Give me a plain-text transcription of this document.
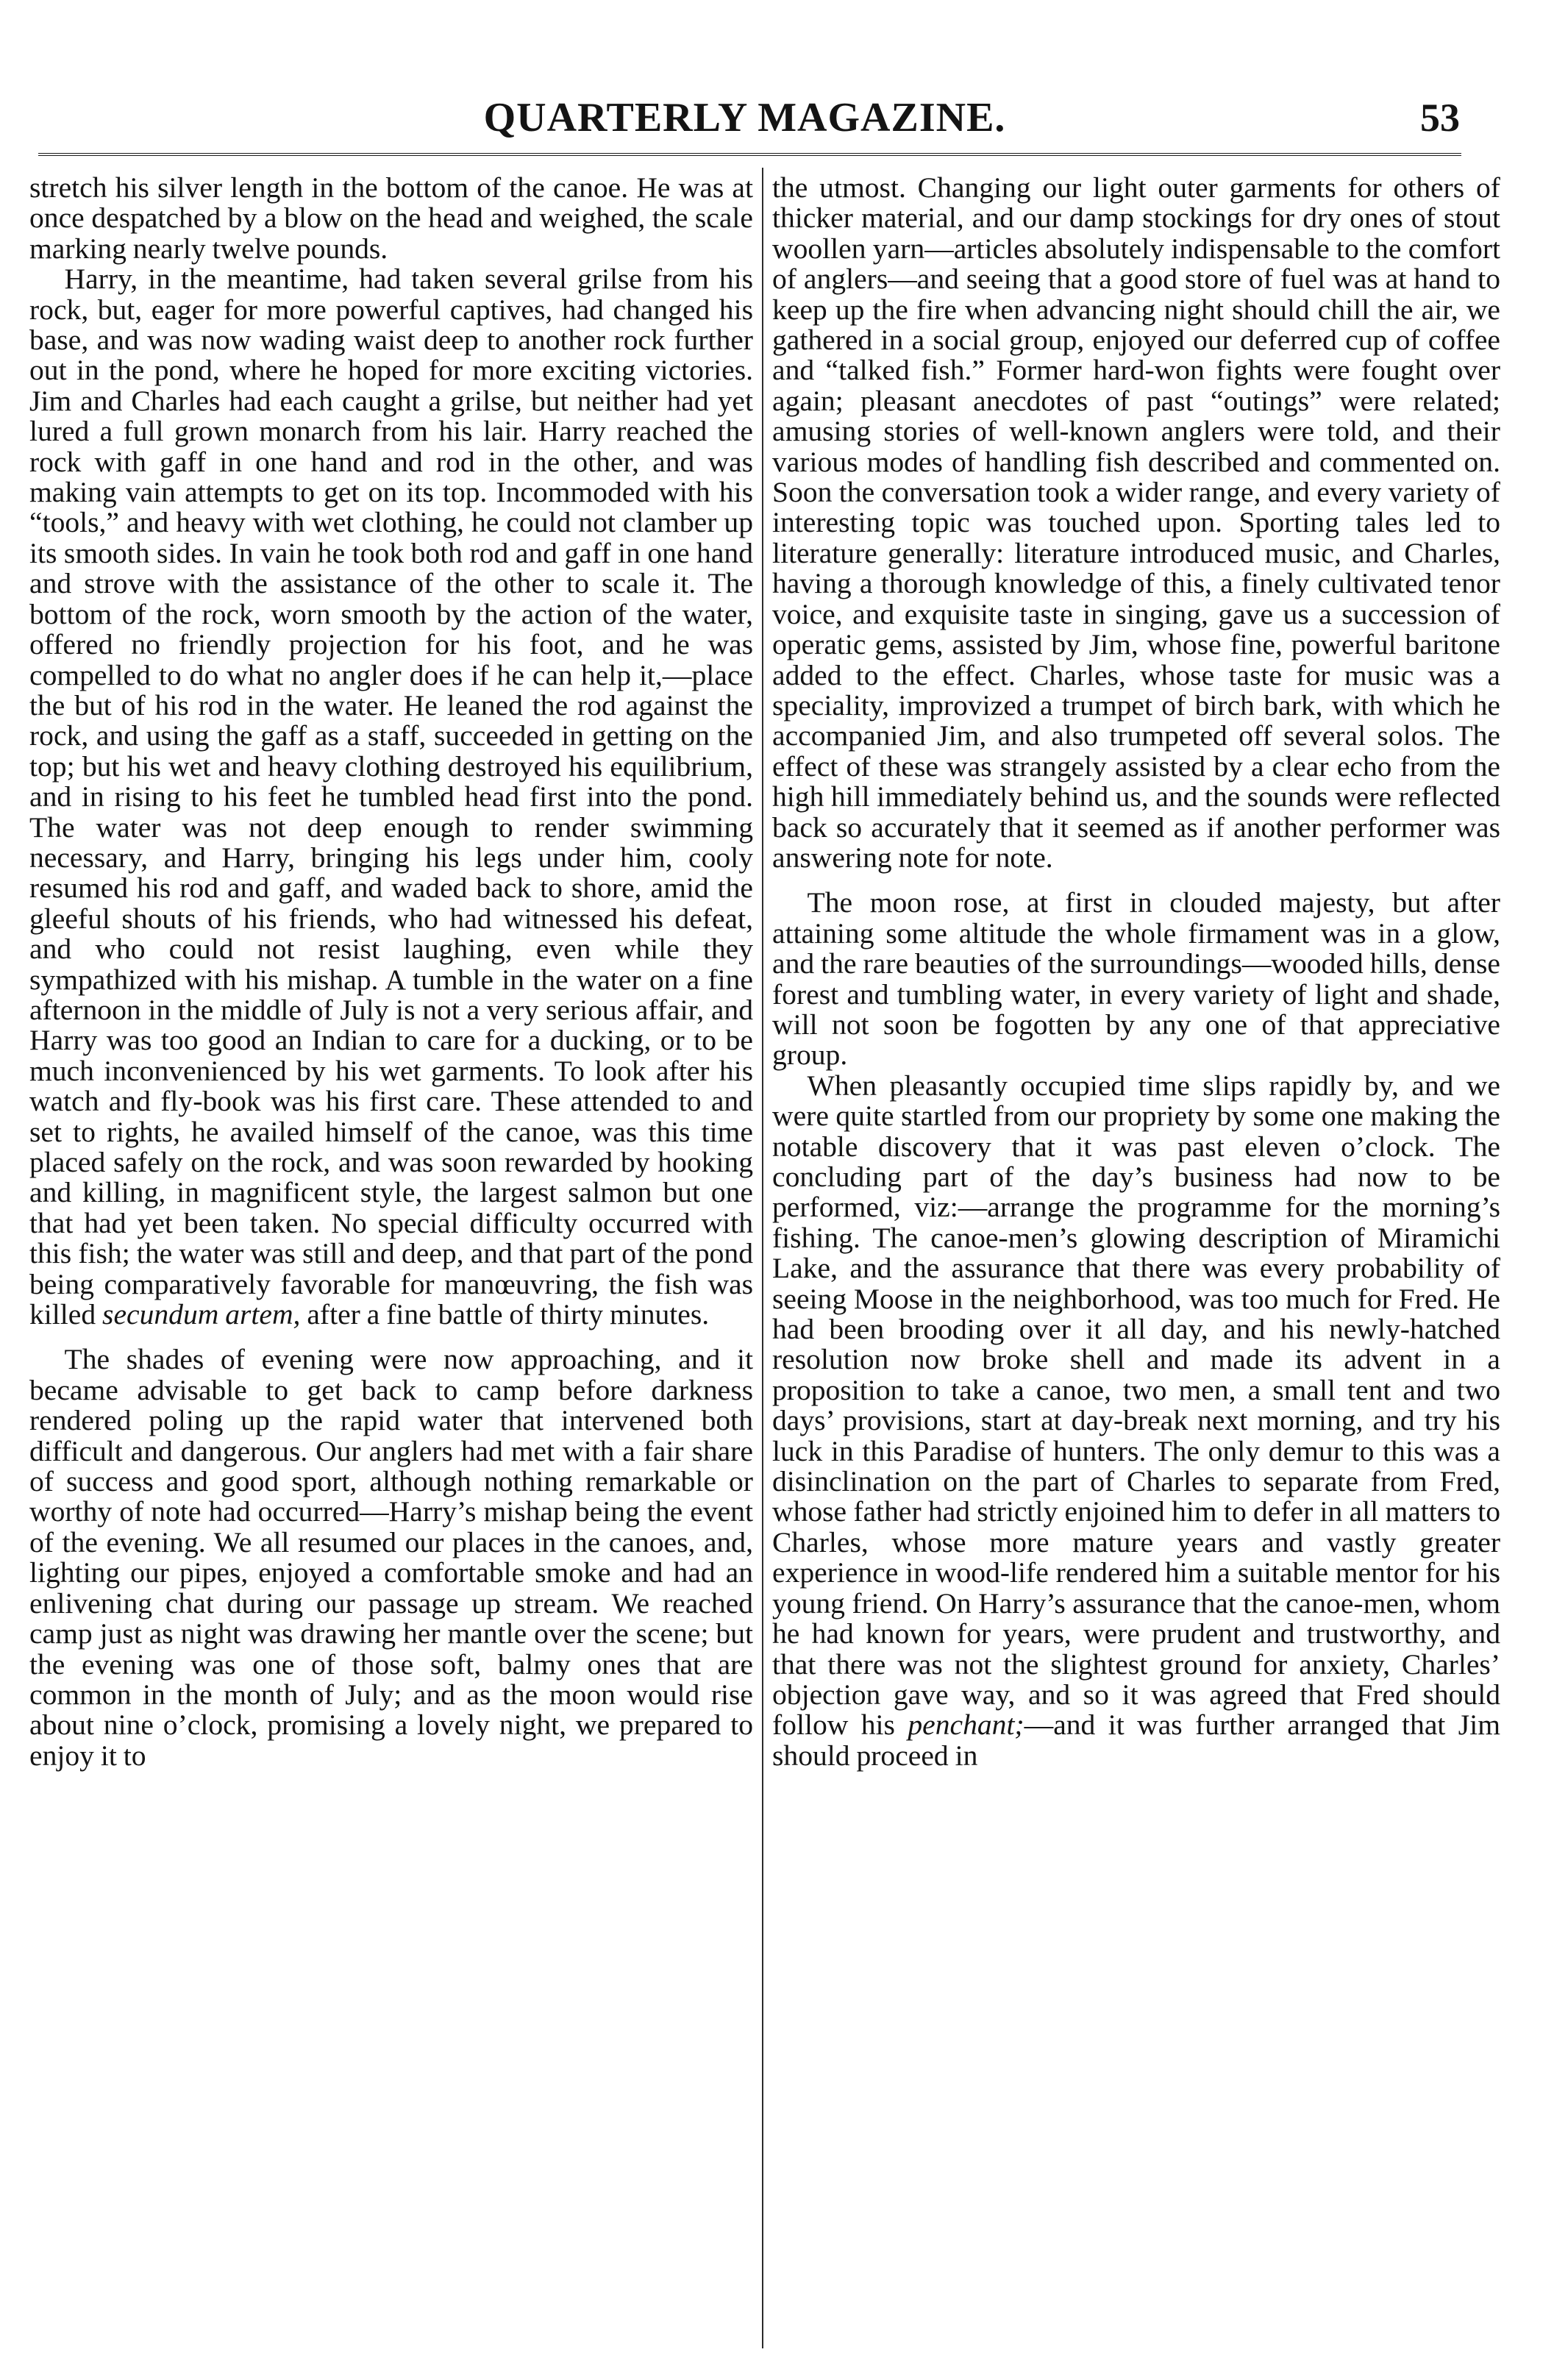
QUARTERLY MAGAZINE.	53

stretch his silver length in the bottom of the canoe. He was at once despatched by a blow on the head and weighed, the scale marking nearly twelve pounds.

Harry, in the meantime, had taken several grilse from his rock, but, eager for more powerful captives, had changed his base, and was now wading waist deep to another rock further out in the pond, where he hoped for more exciting victories. Jim and Charles had each caught a grilse, but neither had yet lured a full grown monarch from his lair. Harry reached the rock with gaff in one hand and rod in the other, and was making vain attempts to get on its top. Incommoded with his “tools,” and heavy with wet clothing, he could not clamber up its smooth sides. In vain he took both rod and gaff in one hand and strove with the assistance of the other to scale it. The bottom of the rock, worn smooth by the action of the water, offered no friendly projection for his foot, and he was compelled to do what no angler does if he can help it,—place the but of his rod in the water. He leaned the rod against the rock, and using the gaff as a staff, succeeded in getting on the top; but his wet and heavy clothing destroyed his equilibrium, and in rising to his feet he tumbled head first into the pond. The water was not deep enough to render swimming necessary, and Harry, bringing his legs under him, cooly resumed his rod and gaff, and waded back to shore, amid the gleeful shouts of his friends, who had witnessed his defeat, and who could not resist laughing, even while they sympathized with his mishap. A tumble in the water on a fine afternoon in the middle of July is not a very serious affair, and Harry was too good an Indian to care for a ducking, or to be much inconvenienced by his wet garments. To look after his watch and fly-book was his first care. These attended to and set to rights, he availed himself of the canoe, was this time placed safely on the rock, and was soon rewarded by hooking and killing, in magnificent style, the largest salmon but one that had yet been taken. No special difficulty occurred with this fish; the water was still and deep, and that part of the pond being comparatively favorable for manœuvring, the fish was killed secundum artem, after a fine battle of thirty minutes.

The shades of evening were now approaching, and it became advisable to get back to camp before darkness rendered poling up the rapid water that intervened both difficult and dangerous. Our anglers had met with a fair share of success and good sport, although nothing remarkable or worthy of note had occurred—Harry’s mishap being the event of the evening. We all resumed our places in the canoes, and, lighting our pipes, enjoyed a comfortable smoke and had an enlivening chat during our passage up stream. We reached camp just as night was drawing her mantle over the scene; but the evening was one of those soft, balmy ones that are common in the month of July; and as the moon would rise about nine o’clock, promising a lovely night, we prepared to enjoy it to

the utmost. Changing our light outer garments for others of thicker material, and our damp stockings for dry ones of stout woollen yarn—articles absolutely indispensable to the comfort of anglers—and seeing that a good store of fuel was at hand to keep up the fire when advancing night should chill the air, we gathered in a social group, enjoyed our deferred cup of coffee and “talked fish.” Former hard-won fights were fought over again; pleasant anecdotes of past “outings” were related; amusing stories of well-known anglers were told, and their various modes of handling fish described and commented on. Soon the conversation took a wider range, and every variety of interesting topic was touched upon. Sporting tales led to literature generally: literature introduced music, and Charles, having a thorough knowledge of this, a finely cultivated tenor voice, and exquisite taste in singing, gave us a succession of operatic gems, assisted by Jim, whose fine, powerful baritone added to the effect. Charles, whose taste for music was a speciality, improvized a trumpet of birch bark, with which he accompanied Jim, and also trumpeted off several solos. The effect of these was strangely assisted by a clear echo from the high hill immediately behind us, and the sounds were reflected back so accurately that it seemed as if another performer was answering note for note.

The moon rose, at first in clouded majesty, but after attaining some altitude the whole firmament was in a glow, and the rare beauties of the surroundings—wooded hills, dense forest and tumbling water, in every variety of light and shade, will not soon be fogotten by any one of that appreciative group.

When pleasantly occupied time slips rapidly by, and we were quite startled from our propriety by some one making the notable discovery that it was past eleven o’clock. The concluding part of the day’s business had now to be performed, viz:—arrange the programme for the morning’s fishing. The canoe-men’s glowing description of Miramichi Lake, and the assurance that there was every probability of seeing Moose in the neighborhood, was too much for Fred. He had been brooding over it all day, and his newly-hatched resolution now broke shell and made its advent in a proposition to take a canoe, two men, a small tent and two days’ provisions, start at day-break next morning, and try his luck in this Paradise of hunters. The only demur to this was a disinclination on the part of Charles to separate from Fred, whose father had strictly enjoined him to defer in all matters to Charles, whose more mature years and vastly greater experience in wood-life rendered him a suitable mentor for his young friend. On Harry’s assurance that the canoe-men, whom he had known for years, were prudent and trustworthy, and that there was not the slightest ground for anxiety, Charles’ objection gave way, and so it was agreed that Fred should follow his penchant;—and it was further arranged that Jim should proceed in
